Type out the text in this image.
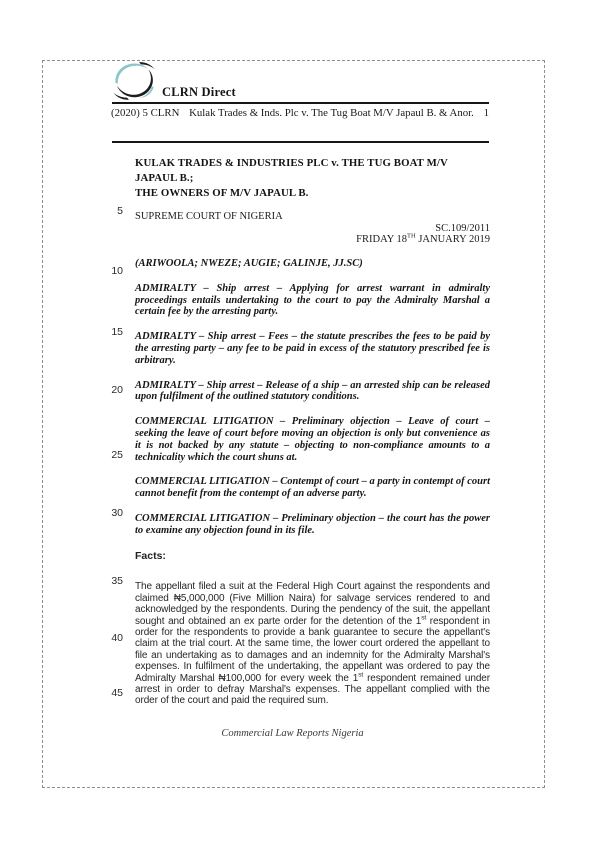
CLRN Direct
(2020) 5 CLRN Kulak Trades & Inds. Plc v. The Tug Boat M/V Japaul B. & Anor. 1
5
10
15
20
25
30
35
40
45
KULAK TRADES & INDUSTRIES PLC v. THE TUG BOAT M/V JAPAUL B.;
THE OWNERS OF M/V JAPAUL B.
SUPREME COURT OF NIGERIA
SC.109/2011
FRIDAY 18TH JANUARY 2019
(ARIWOOLA; NWEZE; AUGIE; GALINJE, JJ.SC)

ADMIRALTY – Ship arrest – Applying for arrest warrant in admiralty proceedings entails undertaking to the court to pay the Admiralty Marshal a certain fee by the arresting party.

ADMIRALTY – Ship arrest – Fees – the statute prescribes the fees to be paid by the arresting party – any fee to be paid in excess of the statutory prescribed fee is arbitrary.

ADMIRALTY – Ship arrest – Release of a ship – an arrested ship can be released upon fulfilment of the outlined statutory conditions.

COMMERCIAL LITIGATION – Preliminary objection – Leave of court – seeking the leave of court before moving an objection is only but convenience as it is not backed by any statute – objecting to non-compliance amounts to a technicality which the court shuns at.

COMMERCIAL LITIGATION – Contempt of court – a party in contempt of court cannot benefit from the contempt of an adverse party.

COMMERCIAL LITIGATION – Preliminary objection – the court has the power to examine any objection found in its file.

Facts:

The appellant filed a suit at the Federal High Court against the respondents and claimed ₦5,000,000 (Five Million Naira) for salvage services rendered to and acknowledged by the respondents. During the pendency of the suit, the appellant sought and obtained an ex parte order for the detention of the 1st respondent in order for the respondents to provide a bank guarantee to secure the appellant's claim at the trial court. At the same time, the lower court ordered the appellant to file an undertaking as to damages and an indemnity for the Admiralty Marshal's expenses. In fulfilment of the undertaking, the appellant was ordered to pay the Admiralty Marshal ₦100,000 for every week the 1st respondent remained under arrest in order to defray Marshal's expenses. The appellant complied with the order of the court and paid the required sum.

Commercial Law Reports Nigeria
